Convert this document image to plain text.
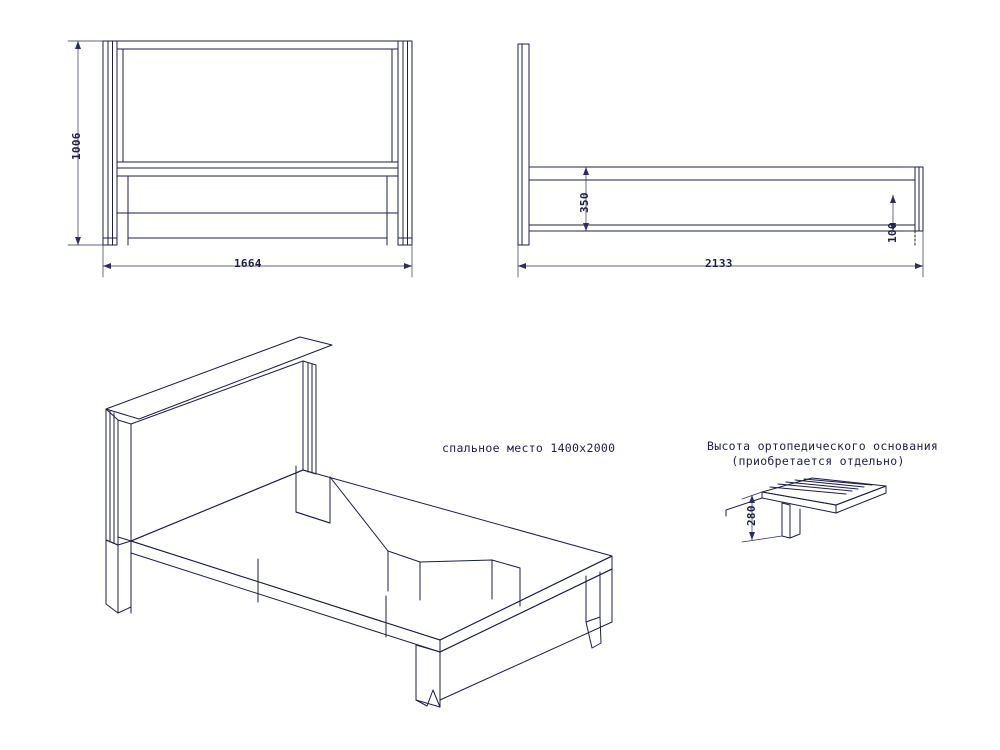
1006
1664
350
100
2133
спальное место 1400x2000	Высота ортопедического основания
(приобретается отдельно)
280
